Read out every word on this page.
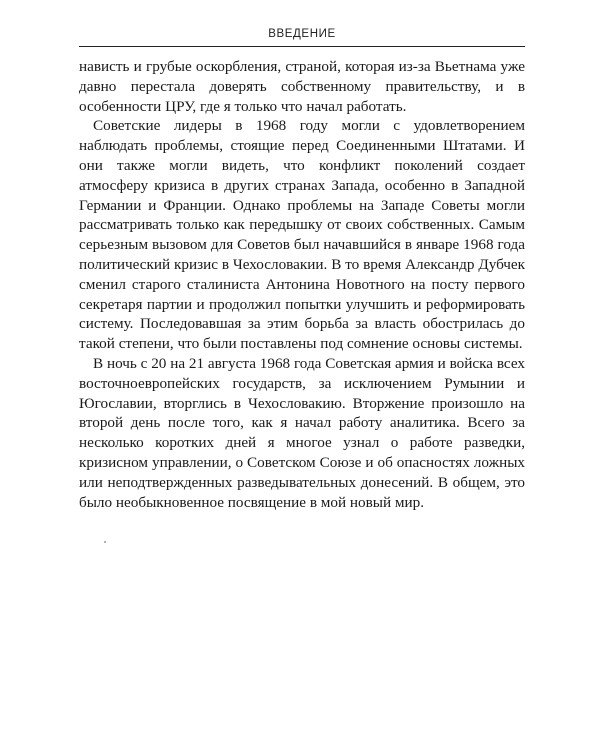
ВВЕДЕНИЕ

нависть и грубые оскорбления, страной, которая из-за Вьетнама уже давно перестала доверять собственному правительству, и в особенности ЦРУ, где я только что начал работать.

Советские лидеры в 1968 году могли с удовлетворением наблюдать проблемы, стоящие перед Соединенными Штатами. И они также могли видеть, что конфликт поколений создает атмосферу кризиса в других странах Запада, особенно в Западной Германии и Франции. Однако проблемы на Западе Советы могли рассматривать только как передышку от своих собственных. Самым серьезным вызовом для Советов был начавшийся в январе 1968 года политический кризис в Чехословакии. В то время Александр Дубчек сменил старого сталиниста Антонина Новотного на посту первого секретаря партии и продолжил попытки улучшить и реформировать систему. Последовавшая за этим борьба за власть обострилась до такой степени, что были поставлены под сомнение основы системы.

В ночь с 20 на 21 августа 1968 года Советская армия и войска всех восточноевропейских государств, за исключением Румынии и Югославии, вторглись в Чехословакию. Вторжение произошло на второй день после того, как я начал работу аналитика. Всего за несколько коротких дней я многое узнал о работе разведки, кризисном управлении, о Советском Союзе и об опасностях ложных или неподтвержденных разведывательных донесений. В общем, это было необыкновенное посвящение в мой новый мир.
